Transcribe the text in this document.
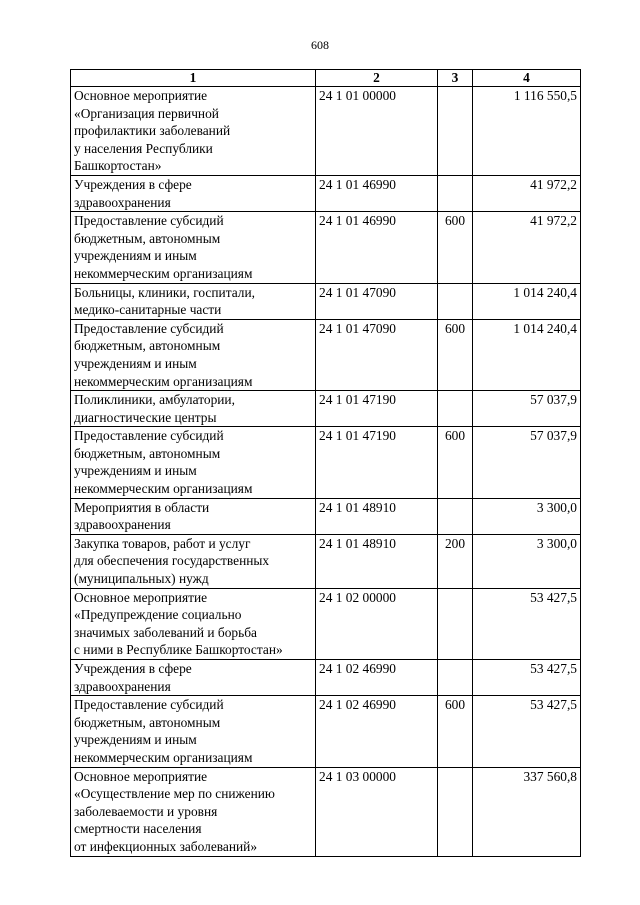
608
1	2	3	4
Основное мероприятие
«Организация первичной
профилактики заболеваний
у населения Республики
Башкортостан»	24 1 01 00000		1 116 550,5
Учреждения в сфере
здравоохранения	24 1 01 46990		41 972,2
Предоставление субсидий
бюджетным, автономным
учреждениям и иным
некоммерческим организациям	24 1 01 46990	600	41 972,2
Больницы, клиники, госпитали,
медико-санитарные части	24 1 01 47090		1 014 240,4
Предоставление субсидий
бюджетным, автономным
учреждениям и иным
некоммерческим организациям	24 1 01 47090	600	1 014 240,4
Поликлиники, амбулатории,
диагностические центры	24 1 01 47190		57 037,9
Предоставление субсидий
бюджетным, автономным
учреждениям и иным
некоммерческим организациям	24 1 01 47190	600	57 037,9
Мероприятия в области
здравоохранения	24 1 01 48910		3 300,0
Закупка товаров, работ и услуг
для обеспечения государственных
(муниципальных) нужд	24 1 01 48910	200	3 300,0
Основное мероприятие
«Предупреждение социально
значимых заболеваний и борьба
с ними в Республике Башкортостан»	24 1 02 00000		53 427,5
Учреждения в сфере
здравоохранения	24 1 02 46990		53 427,5
Предоставление субсидий
бюджетным, автономным
учреждениям и иным
некоммерческим организациям	24 1 02 46990	600	53 427,5
Основное мероприятие
«Осуществление мер по снижению
заболеваемости и уровня
смертности населения
от инфекционных заболеваний»	24 1 03 00000		337 560,8
